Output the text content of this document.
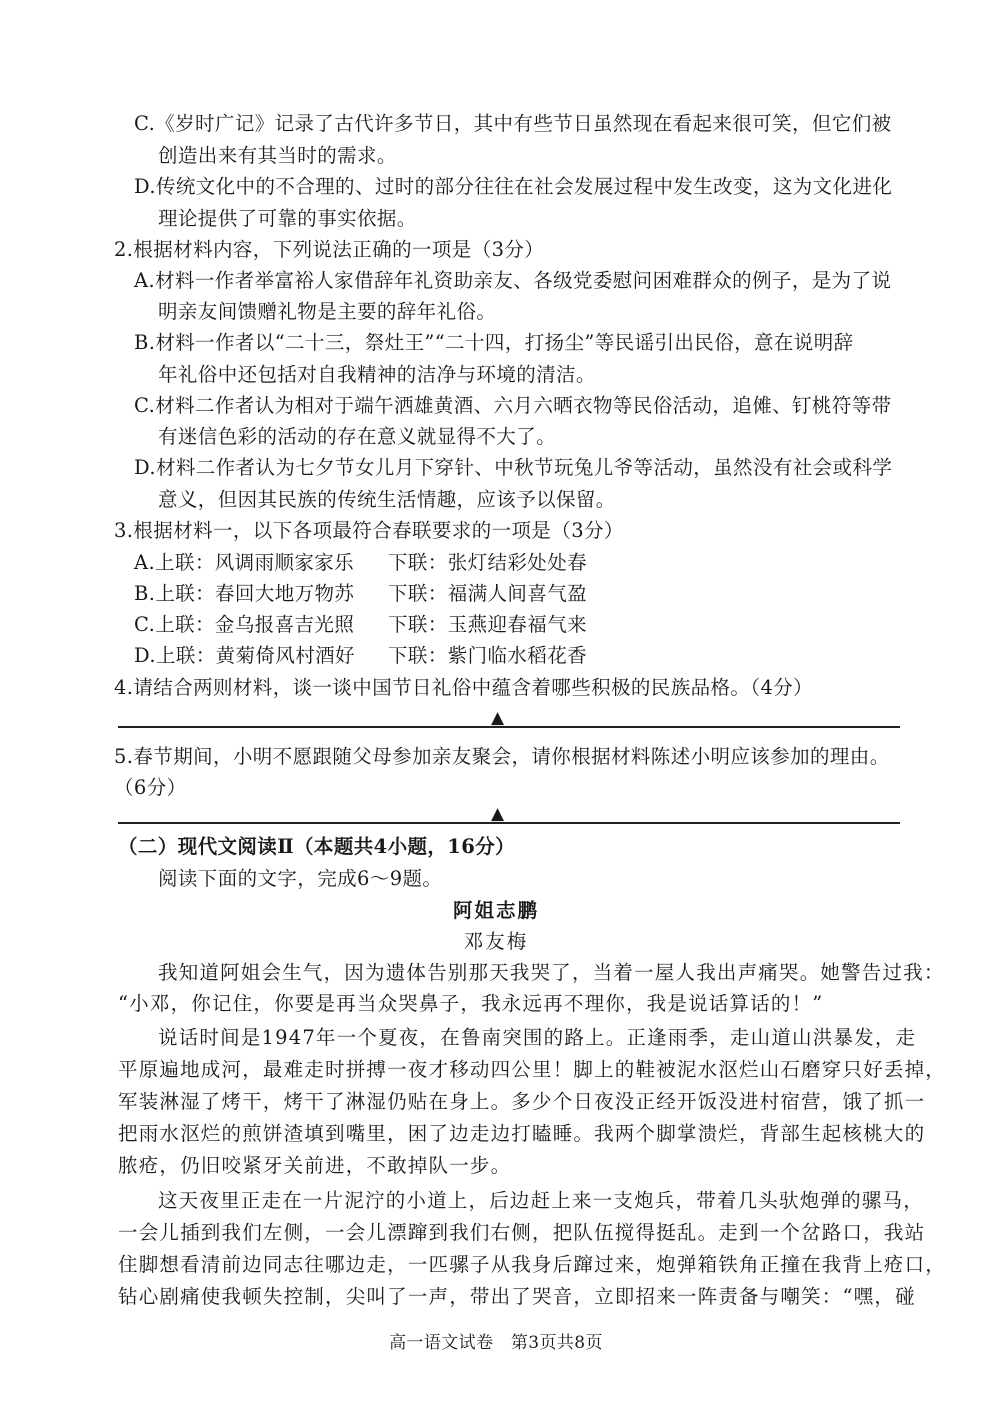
C.《岁时广记》记录了古代许多节日，其中有些节日虽然现在看起来很可笑，但它们被
创造出来有其当时的需求。
D.传统文化中的不合理的、过时的部分往往在社会发展过程中发生改变，这为文化进化
理论提供了可靠的事实依据。
2.根据材料内容，下列说法正确的一项是（3分）
A.材料一作者举富裕人家借辞年礼资助亲友、各级党委慰问困难群众的例子，是为了说
明亲友间馈赠礼物是主要的辞年礼俗。
B.材料一作者以“二十三，祭灶王”“二十四，打扬尘”等民谣引出民俗，意在说明辞
年礼俗中还包括对自我精神的洁净与环境的清洁。
C.材料二作者认为相对于端午洒雄黄酒、六月六晒衣物等民俗活动，追傩、钉桃符等带
有迷信色彩的活动的存在意义就显得不大了。
D.材料二作者认为七夕节女儿月下穿针、中秋节玩兔儿爷等活动，虽然没有社会或科学
意义，但因其民族的传统生活情趣，应该予以保留。
3.根据材料一，以下各项最符合春联要求的一项是（3分）
A.上联：风调雨顺家家乐 下联：张灯结彩处处春
B.上联：春回大地万物苏 下联：福满人间喜气盈
C.上联：金乌报喜吉光照 下联：玉燕迎春福气来
D.上联：黄菊倚风村酒好 下联：紫门临水稻花香
4.请结合两则材料，谈一谈中国节日礼俗中蕴含着哪些积极的民族品格。（4分）
▲
5.春节期间，小明不愿跟随父母参加亲友聚会，请你根据材料陈述小明应该参加的理由。
（6分）
▲
（二）现代文阅读Ⅱ（本题共4小题，16分）
阅读下面的文字，完成6～9题。
阿姐志鹏
邓友梅
我知道阿姐会生气，因为遗体告别那天我哭了，当着一屋人我出声痛哭。她警告过我：
“小邓，你记住，你要是再当众哭鼻子，我永远再不理你，我是说话算话的！”
说话时间是1947年一个夏夜，在鲁南突围的路上。正逢雨季，走山道山洪暴发，走
平原遍地成河，最难走时拼搏一夜才移动四公里！脚上的鞋被泥水沤烂山石磨穿只好丢掉，
军装淋湿了烤干，烤干了淋湿仍贴在身上。多少个日夜没正经开饭没进村宿营，饿了抓一
把雨水沤烂的煎饼渣填到嘴里，困了边走边打瞌睡。我两个脚掌溃烂，背部生起核桃大的
脓疮，仍旧咬紧牙关前进，不敢掉队一步。
这天夜里正走在一片泥泞的小道上，后边赶上来一支炮兵，带着几头驮炮弹的骡马，
一会儿插到我们左侧，一会儿漂蹿到我们右侧，把队伍搅得挺乱。走到一个岔路口，我站
住脚想看清前边同志往哪边走，一匹骡子从我身后蹿过来，炮弹箱铁角正撞在我背上疮口，
钻心剧痛使我顿失控制，尖叫了一声，带出了哭音，立即招来一阵责备与嘲笑：“嘿，碰
高一语文试卷　第3页共8页
